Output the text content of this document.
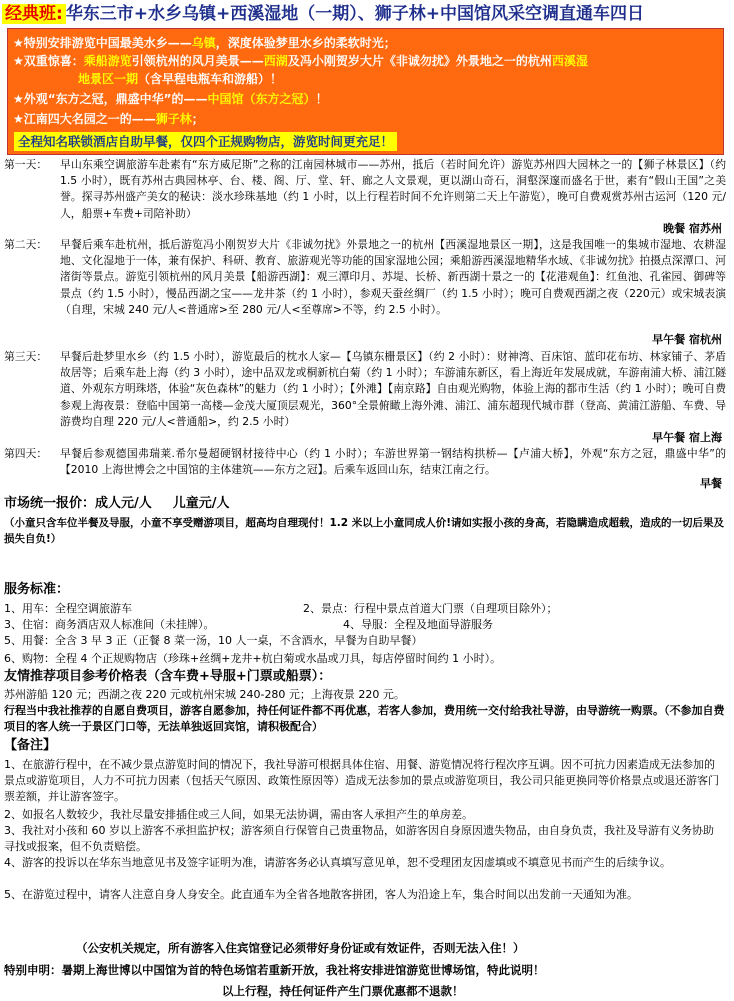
经典班: 华东三市+水乡乌镇+西溪湿地（一期）、狮子林+中国馆风采空调直通车四日
★特别安排游览中国最美水乡——乌镇，深度体验梦里水乡的柔软时光；
★双重惊喜：乘船游览引领杭州的风月美景——西湖及冯小刚贺岁大片《非诚勿扰》外景地之一的杭州西溪湿
地景区一期（含早程电瓶车和游船）！
★外观“东方之冠，鼎盛中华”的——中国馆（东方之冠）！
★江南四大名园之一的——狮子林；
全程知名联锁酒店自助早餐，仅四个正规购物店，游览时间更充足！
第一天：	早山东乘空调旅游车赴素有“东方威尼斯”之称的江南园林城市——苏州，抵后（若时间允许）游览苏州四大园林之一的【狮子林景区】（约 1.5 小时），既有苏州古典园林亭、台、楼、阁、厅、堂、轩、廊之人文景观，更以湖山奇石，洞壑深邃而盛名于世，素有“假山王国”之美誉。探寻苏州盛产美女的秘诀：淡水珍珠基地（约 1 小时，以上行程若时间不允许则第二天上午游览），晚可自费观赏苏州古运河（120 元/人，船票+车费+司陪补助）
晚餐 宿苏州
第二天：	早餐后乘车赴杭州，抵后游览冯小刚贺岁大片《非诚勿扰》外景地之一的杭州【西溪湿地景区一期】，这是我国唯一的集城市湿地、农耕湿地、文化湿地于一体，兼有保护、科研、教育、旅游观光等功能的国家湿地公园；乘船游西溪湿地精华水域、《非诚勿扰》拍摄点深潭口、河渚街等景点。游览引领杭州的风月美景【船游西湖】：观三潭印月、苏堤、长桥、新西湖十景之一的【花港观鱼】：红鱼池、孔雀园、御碑等景点（约 1.5 小时），慢品西湖之宝——龙井茶（约 1 小时），参观天蚕丝绸厂（约 1.5 小时）；晚可自费观西湖之夜（220元）或宋城表演（自理，宋城 240 元/人<普通席>至 280 元/人<至尊席>不等，约 2.5 小时）。
早午餐 宿杭州
第三天：	早餐后赴梦里水乡（约 1.5 小时），游览最后的枕水人家—【乌镇东栅景区】（约 2 小时）：财神湾、百床馆、蓝印花布坊、林家铺子、茅盾故居等；后乘车赴上海（约 3 小时），途中品双龙或桐新杭白菊（约 1 小时）；车游浦东新区，看上海近年发展成就，车游南浦大桥、浦江隧道、外观东方明珠塔，体验“灰色森林”的魅力（约 1 小时）；【外滩】【南京路】自由观光购物，体验上海的都市生活（约 1 小时）；晚可自费参观上海夜景：登临中国第一高楼—金茂大厦顶层观光，360°全景俯瞰上海外滩、浦江、浦东超现代城市群（登高、黄浦江游船、车费、导游费均自理 220 元/人<普通船>，约 2.5 小时）
早午餐 宿上海
第四天：	早餐后参观德国弗瑞莱.希尔曼超硬钢材接待中心（约 1 小时）；车游世界第一钢结构拱桥—【卢浦大桥】，外观“东方之冠，鼎盛中华”的【2010 上海世博会之中国馆的主体建筑——东方之冠】。后乘车返回山东，结束江南之行。
早餐
市场统一报价：成人元/人 儿童元/人
（小童只含车位半餐及导服，小童不享受赠游项目，超高均自理现付！1.2 米以上小童同成人价!请如实报小孩的身高，若隐瞒造成超载，造成的一切后果及损失自负!）
服务标准：
1、用车：全程空调旅游车	2、景点：行程中景点首道大门票（自理项目除外）；
3、住宿：商务酒店双人标准间（未挂牌）。	4、导服：全程及地面导游服务
5、用餐：全含 3 早 3 正（正餐 8 菜一汤，10 人一桌，不含酒水，早餐为自助早餐）
6、购物：全程 4 个正规购物店（珍珠+丝绸+龙井+杭白菊或水晶或刀具，每店停留时间约 1 小时）。
友情推荐项目参考价格表（含车费+导服+门票或船票）：
苏州游船 120 元；西湖之夜 220 元或杭州宋城 240-280 元；上海夜景 220 元。
行程当中我社推荐的自愿自费项目，游客自愿参加，持任何证件都不再优惠，若客人参加，费用统一交付给我社导游，由导游统一购票。（不参加自费项目的客人统一于景区门口等，无法单独返回宾馆，请积极配合）
【备注】
1、在旅游行程中，在不减少景点游览时间的情况下，我社导游可根据具体住宿、用餐、游览情况将行程次序互调。因不可抗力因素造成无法参加的景点或游览项目，人力不可抗力因素（包括天气原因、政策性原因等）造成无法参加的景点或游览项目，我公司只能更换同等价格景点或退还游客门票差额，并让游客签字。
2、如报名人数较少，我社尽量安排插住或三人间，如果无法协调，需由客人承担产生的单房差。
3、我社对小孩和 60 岁以上游客不承担监护权；游客须自行保管自己贵重物品，如游客因自身原因遗失物品，由自身负责，我社及导游有义务协助寻找或报案，但不负责赔偿。
4、游客的投诉以在华东当地意见书及签字证明为准，请游客务必认真填写意见单，恕不受理团友因虚填或不填意见书而产生的后续争议。
5、在游览过程中，请客人注意自身人身安全。此直通车为全省各地散客拼团，客人为沿途上车，集合时间以出发前一天通知为准。
（公安机关规定，所有游客入住宾馆登记必须带好身份证或有效证件，否则无法入住！）
特别申明：暑期上海世博以中国馆为首的特色场馆若重新开放，我社将安排进馆游览世博场馆，特此说明！
以上行程，持任何证件产生门票优惠都不退款！
